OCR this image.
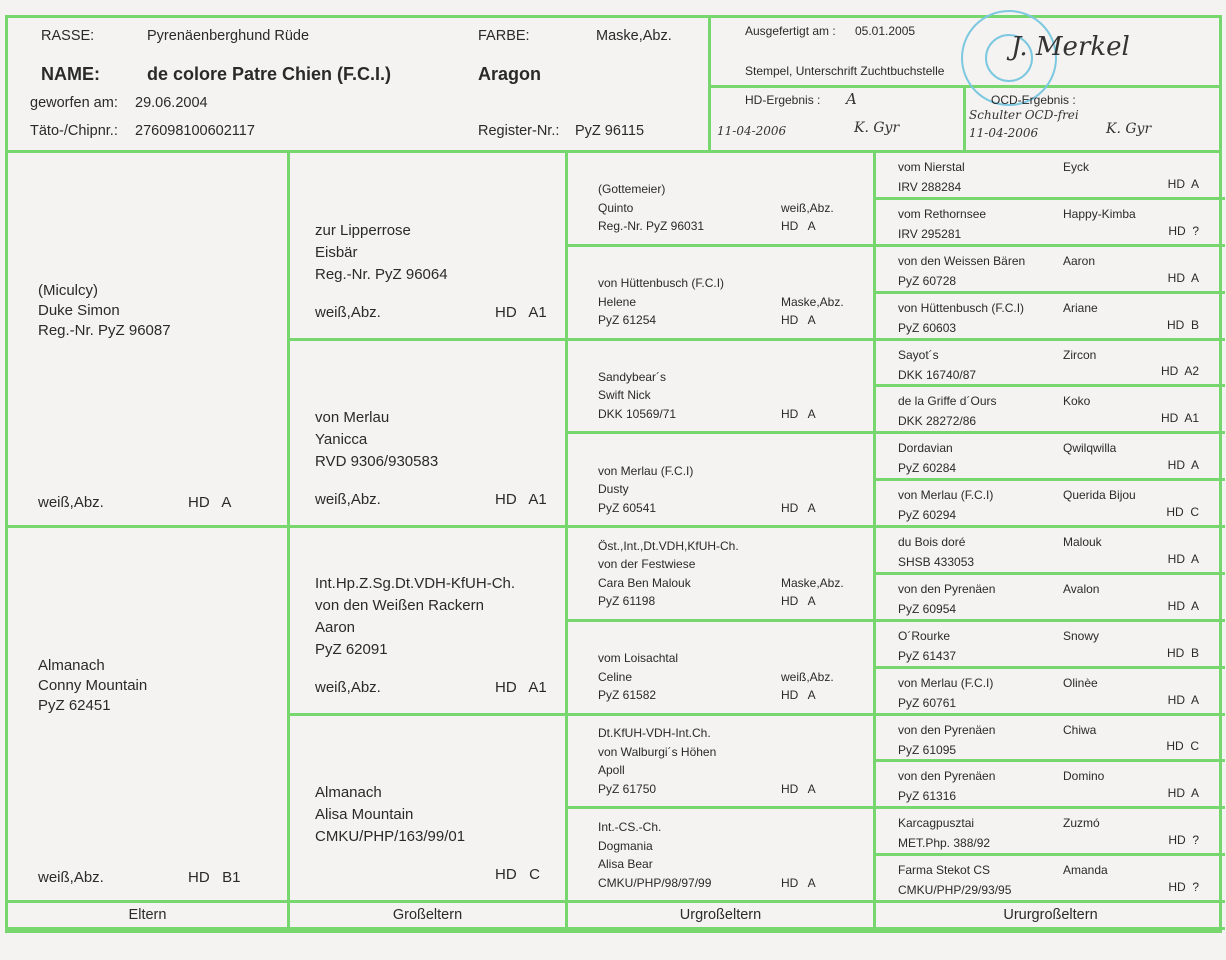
RASSE:	Pyrenäenberghund Rüde	FARBE:	Maske,Abz.
NAME:	de colore Patre Chien (F.C.I.)	Aragon
geworfen am: 29.06.2004
Täto-/Chipnr.: 276098100602117	Register-Nr.: PyZ 96115
Ausgefertigt am : 05.01.2005
Stempel, Unterschrift Zuchtbuchstelle
J. Merkel
HD-Ergebnis : A
11-04-2006	K. Gyr
OCD-Ergebnis :
Schulter OCD-frei
11-04-2006	K. Gyr
(Miculcy)
Duke Simon
Reg.-Nr. PyZ 96087
weiß,Abz.	HD   A
Almanach
Conny Mountain
PyZ 62451
weiß,Abz.	HD   B1
zur Lipperrose
Eisbär
Reg.-Nr. PyZ 96064
weiß,Abz.	HD   A1
von Merlau
Yanicca
RVD 9306/930583
weiß,Abz.	HD   A1
Int.Hp.Z.Sg.Dt.VDH-KfUH-Ch.
von den Weißen Rackern
Aaron
PyZ 62091
weiß,Abz.	HD   A1
Almanach
Alisa Mountain
CMKU/PHP/163/99/01
HD   C
(Gottemeier)
Quinto	weiß,Abz.
Reg.-Nr. PyZ 96031	HD   A
von Hüttenbusch (F.C.I)
Helene	Maske,Abz.
PyZ 61254	HD   A
Sandybear´s
Swift Nick
DKK 10569/71	HD   A
von Merlau (F.C.I)
Dusty
PyZ 60541	HD   A
Öst.,Int.,Dt.VDH,KfUH-Ch.
von der Festwiese
Cara Ben Malouk	Maske,Abz.
PyZ 61198	HD   A
vom Loisachtal
Celine	weiß,Abz.
PyZ 61582	HD   A
Dt.KfUH-VDH-Int.Ch.
von Walburgi´s Höhen
Apoll
PyZ 61750	HD   A
Int.-CS.-Ch.
Dogmania
Alisa Bear
CMKU/PHP/98/97/99	HD   A
vom Nierstal	Eyck
IRV 288284	HD  A
vom Rethornsee	Happy-Kimba
IRV 295281	HD  ?
von den Weissen Bären	Aaron
PyZ 60728	HD  A
von Hüttenbusch (F.C.I)	Ariane
PyZ 60603	HD  B
Sayot´s	Zircon
DKK 16740/87	HD  A2
de la Griffe d´Ours	Koko
DKK 28272/86	HD  A1
Dordavian	Qwilqwilla
PyZ 60284	HD  A
von Merlau (F.C.I)	Querida Bijou
PyZ 60294	HD  C
du Bois doré	Malouk
SHSB 433053	HD  A
von den Pyrenäen	Avalon
PyZ 60954	HD  A
O´Rourke	Snowy
PyZ 61437	HD  B
von Merlau (F.C.I)	Olinèe
PyZ 60761	HD  A
von den Pyrenäen	Chiwa
PyZ 61095	HD  C
von den Pyrenäen	Domino
PyZ 61316	HD  A
Karcagpusztai	Zuzmó
MET.Php. 388/92	HD  ?
Farma Stekot CS	Amanda
CMKU/PHP/29/93/95	HD  ?
Eltern	Großeltern	Urgroßeltern	Ururgroßeltern
